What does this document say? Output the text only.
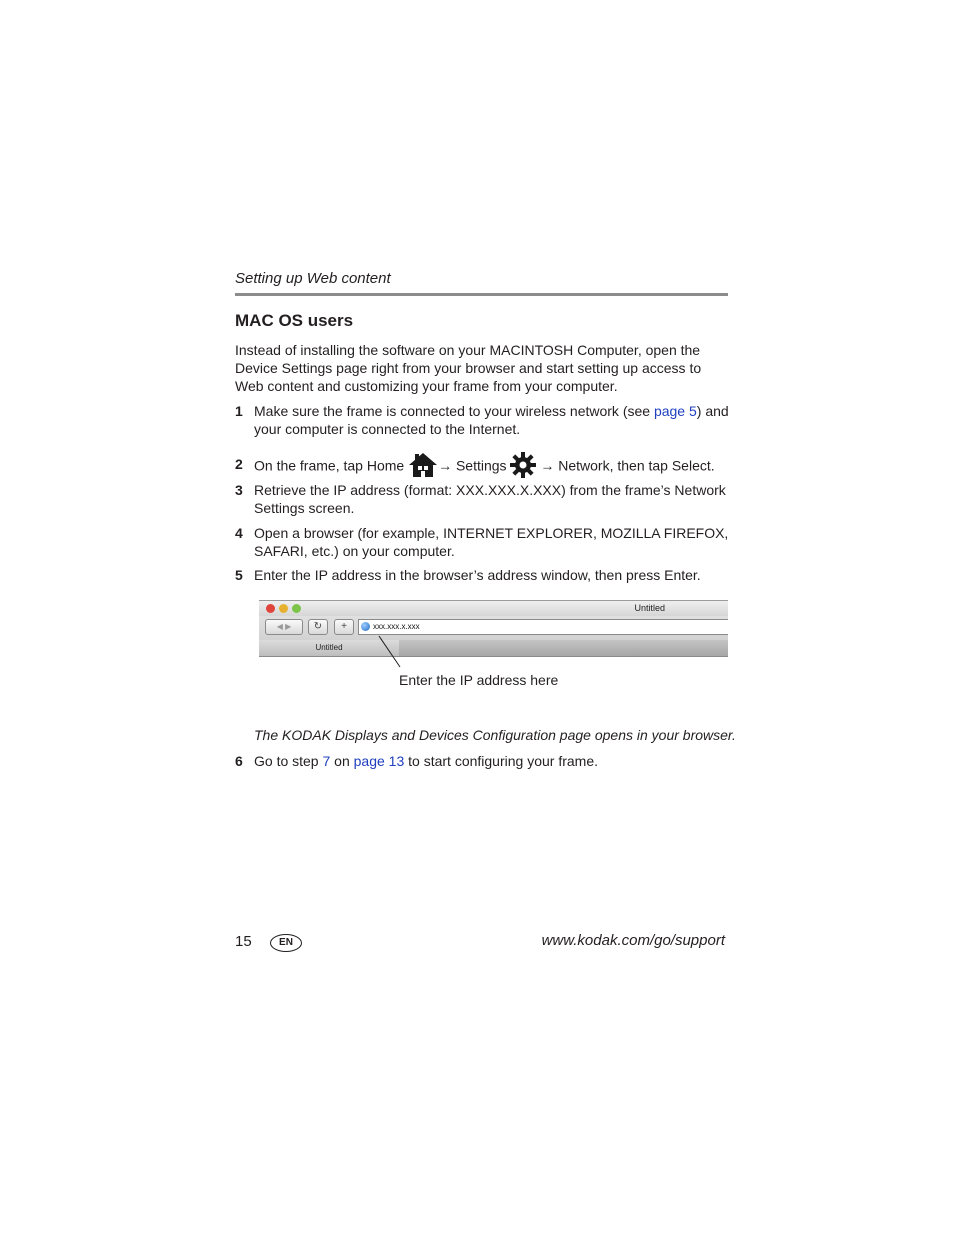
Setting up Web content
MAC OS users
Instead of installing the software on your MACINTOSH Computer, open the Device Settings page right from your browser and start setting up access to Web content and customizing your frame from your computer.
1 Make sure the frame is connected to your wireless network (see page 5) and your computer is connected to the Internet.
2 On the frame, tap Home → Settings  → Network, then tap Select.
3 Retrieve the IP address (format: XXX.XXX.X.XXX) from the frame’s Network Settings screen.
4 Open a browser (for example, INTERNET EXPLORER, MOZILLA FIREFOX, SAFARI, etc.) on your computer.
5 Enter the IP address in the browser’s address window, then press Enter.
Untitled
◀ ▶	↻	+	xxx.xxx.x.xxx
Untitled
Enter the IP address here
The KODAK Displays and Devices Configuration page opens in your browser.
6 Go to step 7 on page 13 to start configuring your frame.
15	EN	www.kodak.com/go/support
